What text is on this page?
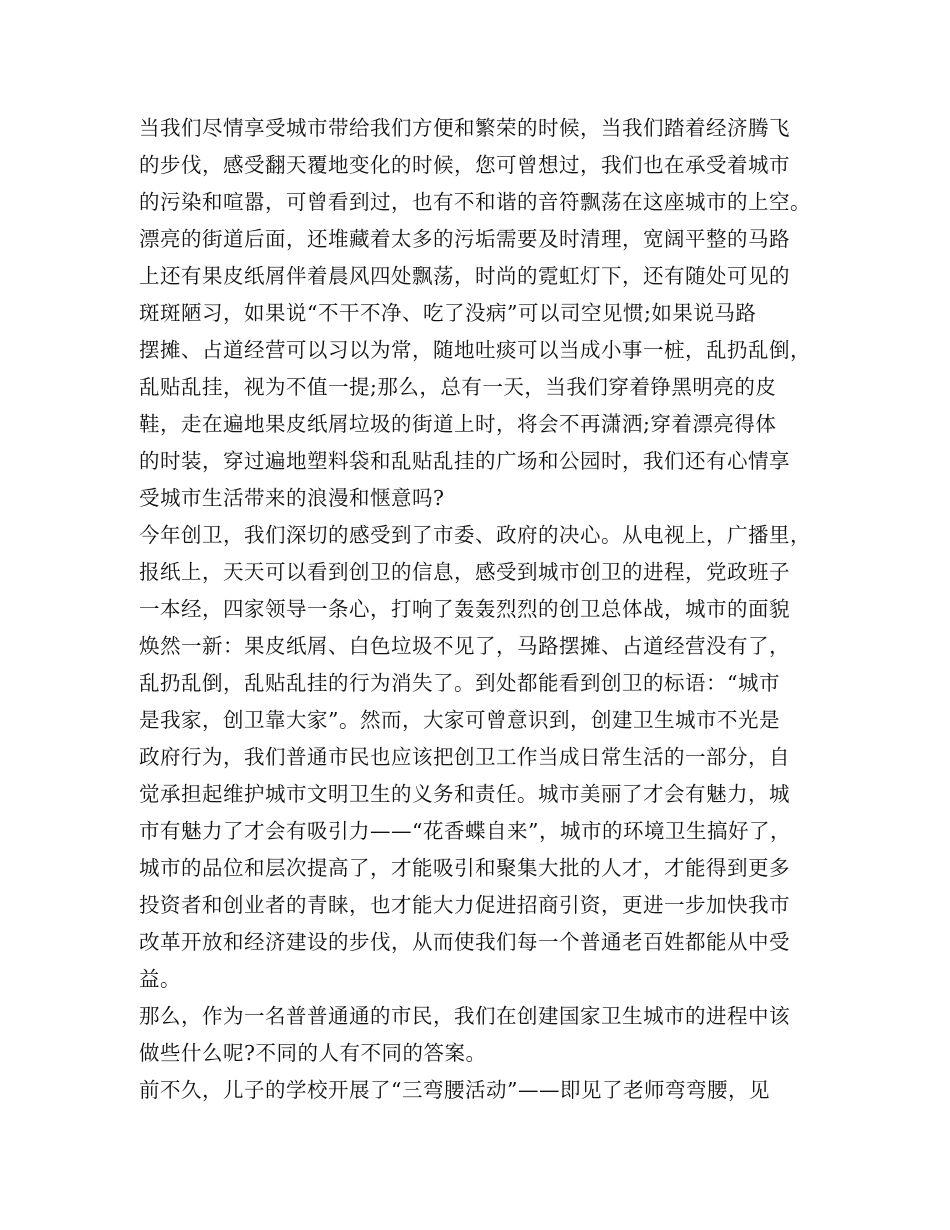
当我们尽情享受城市带给我们方便和繁荣的时候，当我们踏着经济腾飞
的步伐，感受翻天覆地变化的时候，您可曾想过，我们也在承受着城市
的污染和喧嚣，可曾看到过，也有不和谐的音符飘荡在这座城市的上空。
漂亮的街道后面，还堆藏着太多的污垢需要及时清理，宽阔平整的马路
上还有果皮纸屑伴着晨风四处飘荡，时尚的霓虹灯下，还有随处可见的
斑斑陋习，如果说“不干不净、吃了没病”可以司空见惯;如果说马路
摆摊、占道经营可以习以为常，随地吐痰可以当成小事一桩，乱扔乱倒，
乱贴乱挂，视为不值一提;那么，总有一天，当我们穿着铮黑明亮的皮
鞋，走在遍地果皮纸屑垃圾的街道上时，将会不再潇洒;穿着漂亮得体
的时装，穿过遍地塑料袋和乱贴乱挂的广场和公园时，我们还有心情享
受城市生活带来的浪漫和惬意吗?
今年创卫，我们深切的感受到了市委、政府的决心。从电视上，广播里，
报纸上，天天可以看到创卫的信息，感受到城市创卫的进程，党政班子
一本经，四家领导一条心，打响了轰轰烈烈的创卫总体战，城市的面貌
焕然一新：果皮纸屑、白色垃圾不见了，马路摆摊、占道经营没有了，
乱扔乱倒，乱贴乱挂的行为消失了。到处都能看到创卫的标语：“城市
是我家，创卫靠大家”。然而，大家可曾意识到，创建卫生城市不光是
政府行为，我们普通市民也应该把创卫工作当成日常生活的一部分，自
觉承担起维护城市文明卫生的义务和责任。城市美丽了才会有魅力，城
市有魅力了才会有吸引力——“花香蝶自来”，城市的环境卫生搞好了，
城市的品位和层次提高了，才能吸引和聚集大批的人才，才能得到更多
投资者和创业者的青睐，也才能大力促进招商引资，更进一步加快我市
改革开放和经济建设的步伐，从而使我们每一个普通老百姓都能从中受
益。
那么，作为一名普普通通的市民，我们在创建国家卫生城市的进程中该
做些什么呢?不同的人有不同的答案。
前不久，儿子的学校开展了“三弯腰活动”——即见了老师弯弯腰，见
